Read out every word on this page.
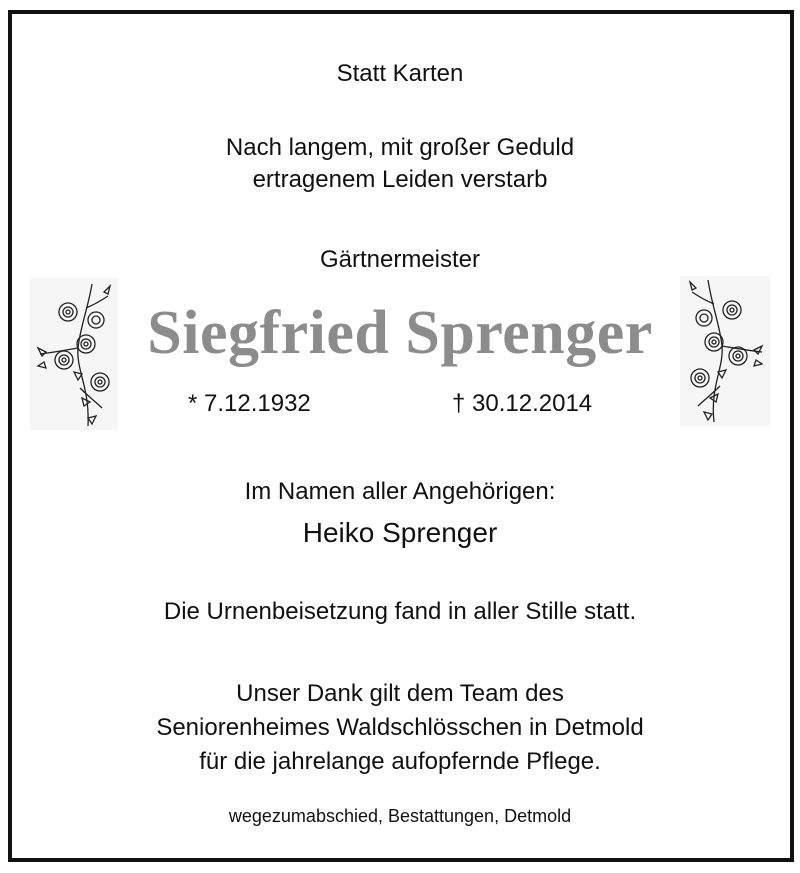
Statt Karten
Nach langem, mit großer Geduld
ertragenem Leiden verstarb
Gärtnermeister
Siegfried Sprenger
* 7.12.1932	† 30.12.2014
Im Namen aller Angehörigen:
Heiko Sprenger
Die Urnenbeisetzung fand in aller Stille statt.
Unser Dank gilt dem Team des
Seniorenheimes Waldschlösschen in Detmold
für die jahrelange aufopfernde Pflege.
wegezumabschied, Bestattungen, Detmold
